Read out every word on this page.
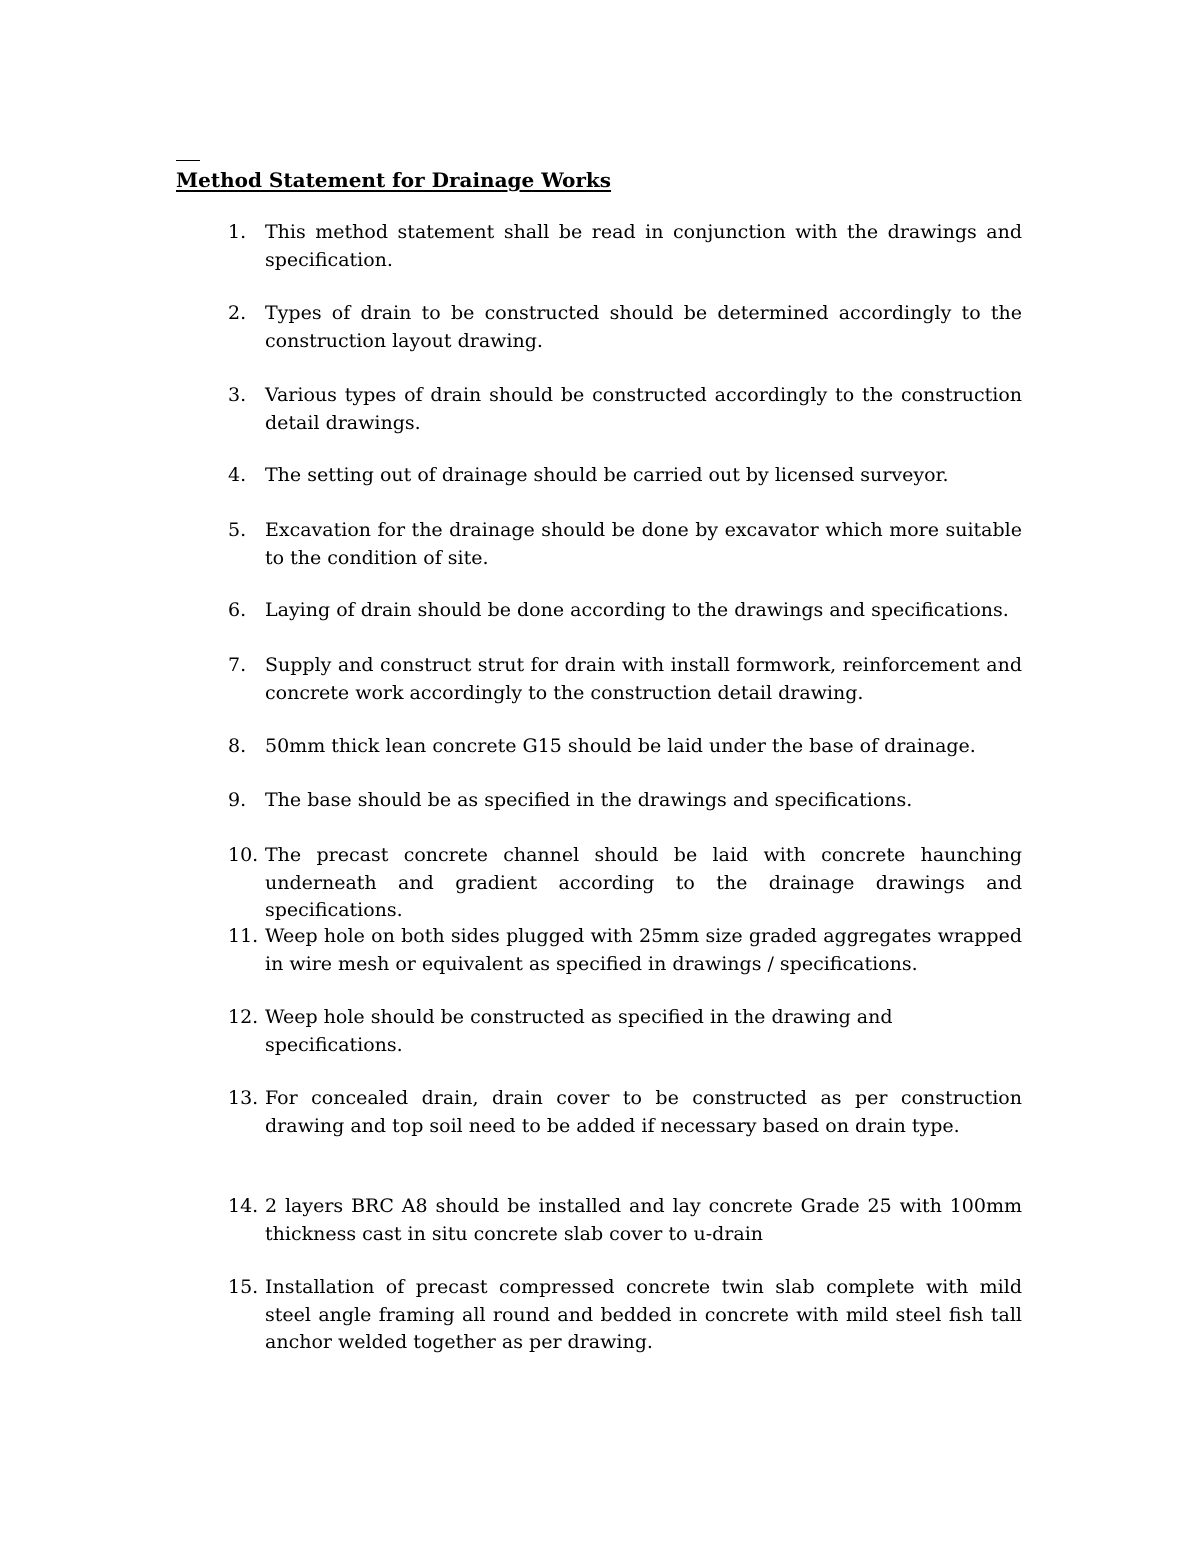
Method Statement for Drainage Works
1. This method statement shall be read in conjunction with the drawings and specification.
2. Types of drain to be constructed should be determined accordingly to the construction layout drawing.
3. Various types of drain should be constructed accordingly to the construction detail drawings.
4. The setting out of drainage should be carried out by licensed surveyor.
5. Excavation for the drainage should be done by excavator which more suitable to the condition of site.
6. Laying of drain should be done according to the drawings and specifications.
7. Supply and construct strut for drain with install formwork, reinforcement and concrete work accordingly to the construction detail drawing.
8. 50mm thick lean concrete G15 should be laid under the base of drainage.
9. The base should be as specified in the drawings and specifications.
10. The precast concrete channel should be laid with concrete haunching underneath and gradient according to the drainage drawings and specifications.
11. Weep hole on both sides plugged with 25mm size graded aggregates wrapped in wire mesh or equivalent as specified in drawings / specifications.
12. Weep hole should be constructed as specified in the drawing and specifications.
13. For concealed drain, drain cover to be constructed as per construction drawing and top soil need to be added if necessary based on drain type.
14. 2 layers BRC A8 should be installed and lay concrete Grade 25 with 100mm thickness cast in situ concrete slab cover to u-drain
15. Installation of precast compressed concrete twin slab complete with mild steel angle framing all round and bedded in concrete with mild steel fish tall anchor welded together as per drawing.
